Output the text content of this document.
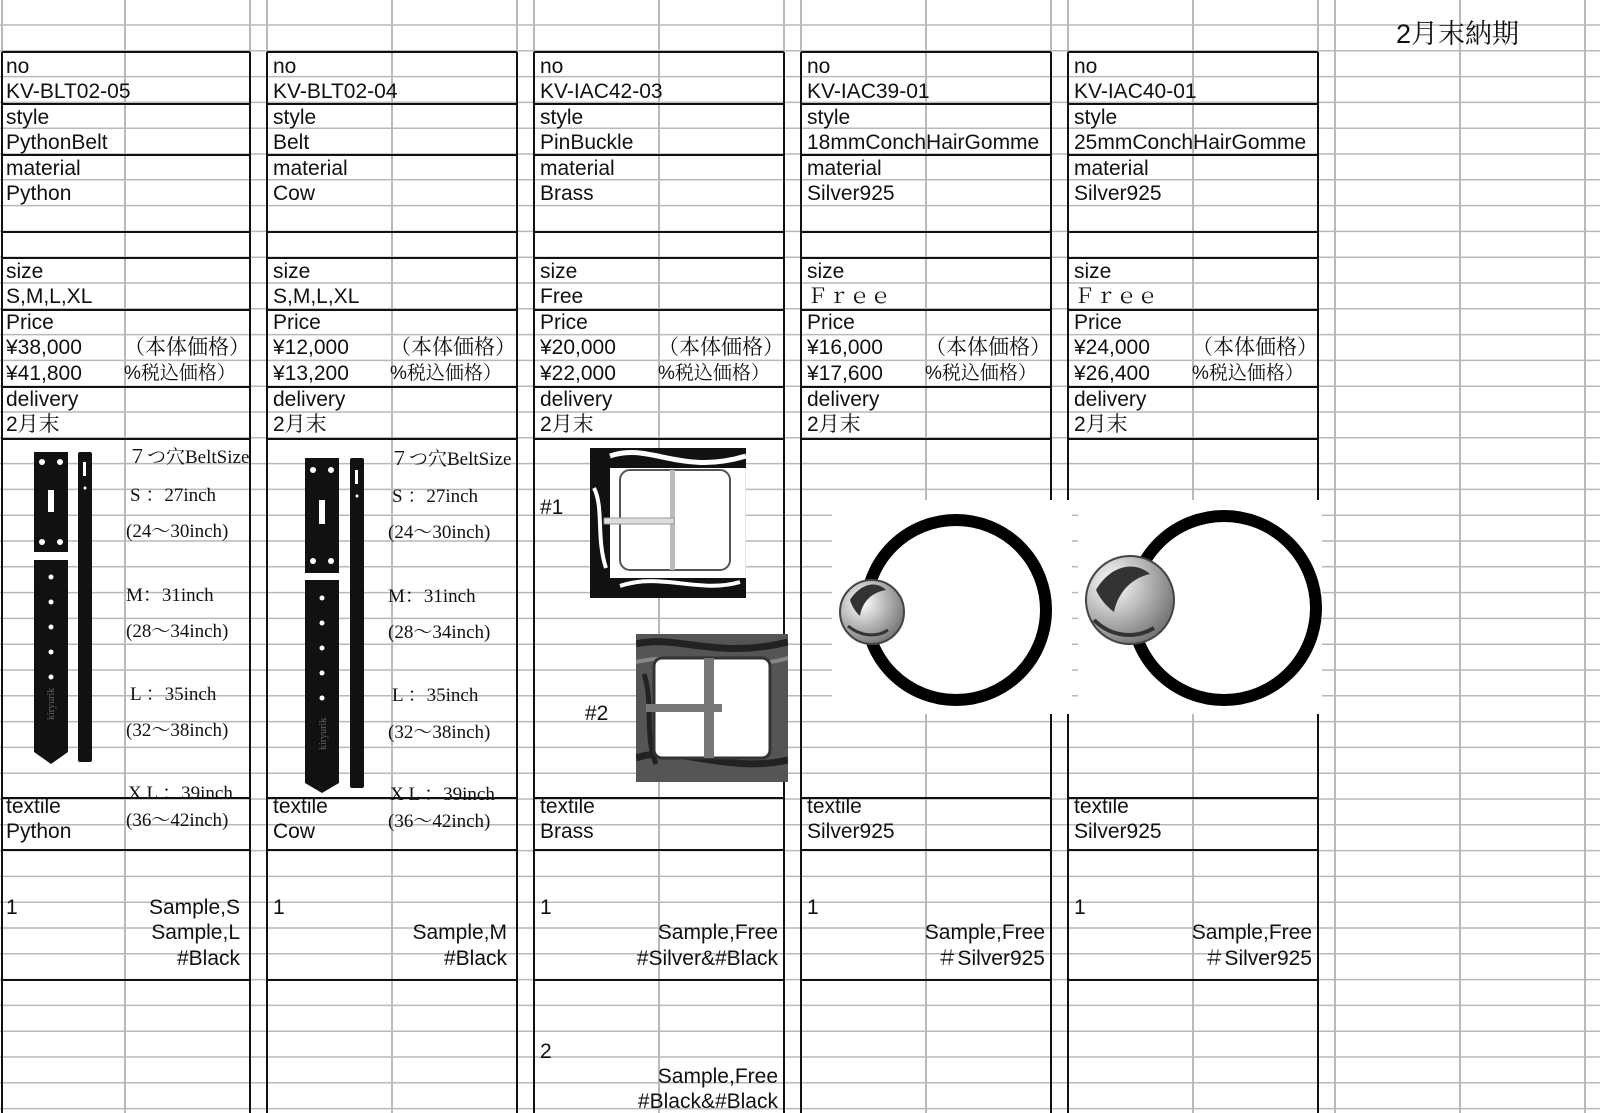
2月末納期
no
KV-BLT02-05
style
PythonBelt
material
Python
size
S,M,L,XL
Price
¥38,000	（本体価格）
¥41,800	%税込価格）
delivery
2月末
kiryurik
７つ穴BeltSize
S ：27inch
(24～30inch)
M：31inch
(28～34inch)
L ：35inch
(32～38inch)
X L ：39inch
(36～42inch)
textile
Python
1	Sample,S
Sample,L
#Black
no
KV-BLT02-04
style
Belt
material
Cow
size
S,M,L,XL
Price
¥12,000	（本体価格）
¥13,200	%税込価格）
delivery
2月末
kiryurik
７つ穴BeltSize
S ：27inch
(24～30inch)
M：31inch
(28～34inch)
L ：35inch
(32～38inch)
X L ：39inch
(36～42inch)
textile
Cow
1
Sample,M
#Black
no
KV-IAC42-03
style
PinBuckle
material
Brass
size
Free
Price
¥20,000	（本体価格）
¥22,000	%税込価格）
delivery
2月末
#1
#2
textile
Brass
1
Sample,Free
#Silver&#Black
2
Sample,Free
#Black&#Black
no
KV-IAC39-01
style
18mmConchHairGomme
material
Silver925
size
Ｆｒｅｅ
Price
¥16,000	（本体価格）
¥17,600	%税込価格）
delivery
2月末
textile
Silver925
1
Sample,Free
＃Silver925
no
KV-IAC40-01
style
25mmConchHairGomme
material
Silver925
size
Ｆｒｅｅ
Price
¥24,000	（本体価格）
¥26,400	%税込価格）
delivery
2月末
textile
Silver925
1
Sample,Free
＃Silver925
